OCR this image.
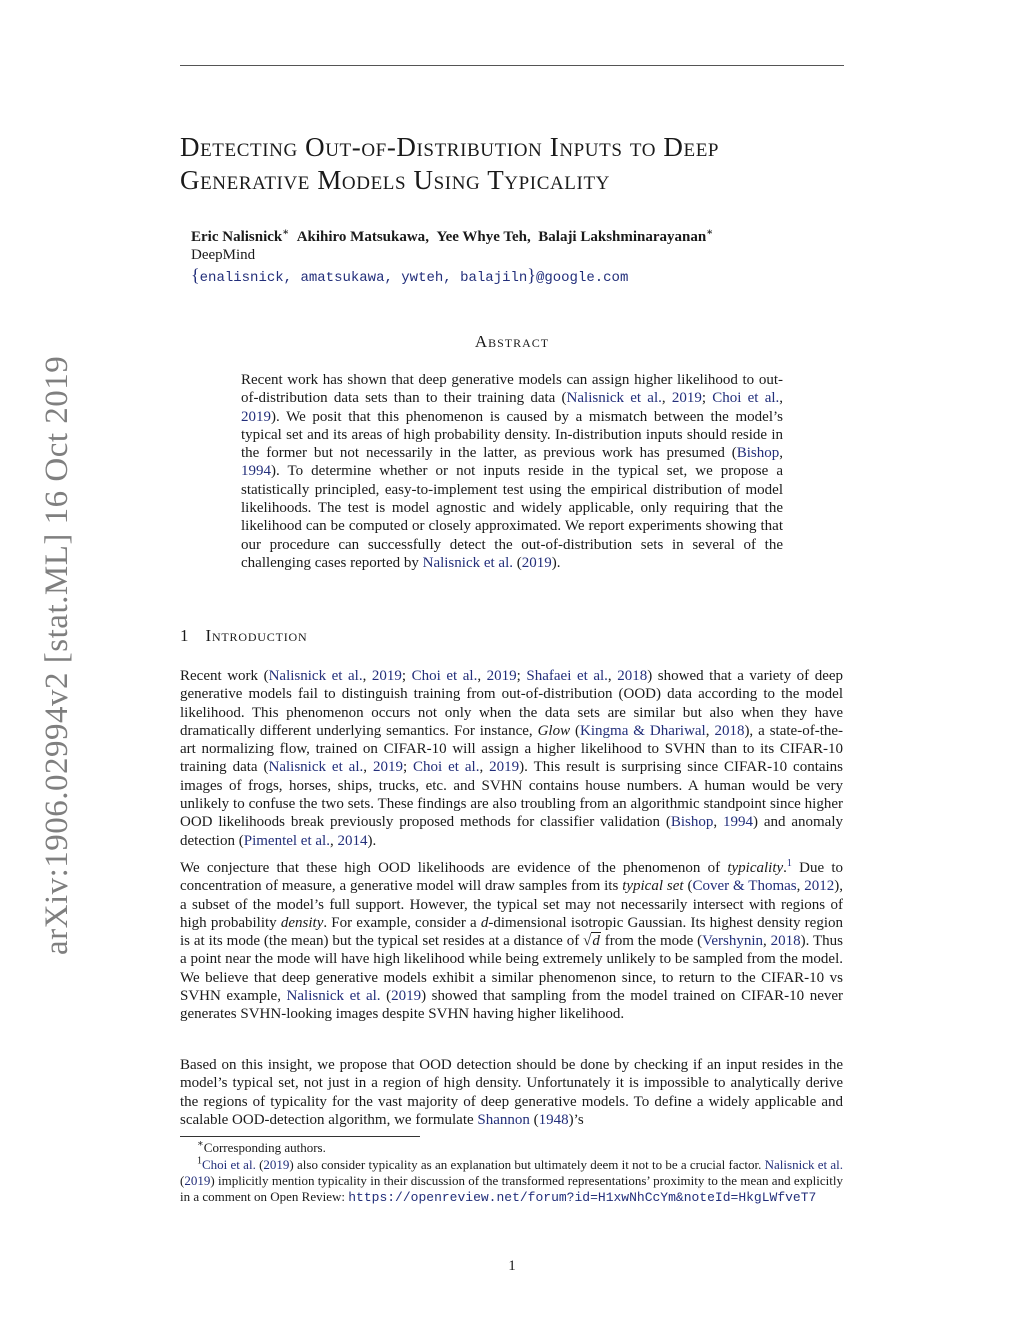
arXiv:1906.02994v2 [stat.ML] 16 Oct 2019
Detecting Out-of-Distribution Inputs to Deep
Generative Models Using Typicality
Eric Nalisnick∗ Akihiro Matsukawa,  Yee Whye Teh,  Balaji Lakshminarayanan∗
DeepMind
{enalisnick, amatsukawa, ywteh, balajiln}@google.com
Abstract

Recent work has shown that deep generative models can assign higher likelihood to out-of-distribution data sets than to their training data (Nalisnick et al., 2019; Choi et al., 2019). We posit that this phenomenon is caused by a mismatch between the model’s typical set and its areas of high probability density. In-distribution inputs should reside in the former but not necessarily in the latter, as previous work has presumed (Bishop, 1994). To determine whether or not inputs reside in the typical set, we propose a statistically principled, easy-to-implement test using the empirical distribution of model likelihoods. The test is model agnostic and widely applicable, only requiring that the likelihood can be computed or closely approximated. We report experiments showing that our procedure can successfully detect the out-of-distribution sets in several of the challenging cases reported by Nalisnick et al. (2019).

1 Introduction

Recent work (Nalisnick et al., 2019; Choi et al., 2019; Shafaei et al., 2018) showed that a variety of deep generative models fail to distinguish training from out-of-distribution (OOD) data according to the model likelihood. This phenomenon occurs not only when the data sets are similar but also when they have dramatically different underlying semantics. For instance, Glow (Kingma & Dhariwal, 2018), a state-of-the-art normalizing flow, trained on CIFAR-10 will assign a higher likelihood to SVHN than to its CIFAR-10 training data (Nalisnick et al., 2019; Choi et al., 2019). This result is surprising since CIFAR-10 contains images of frogs, horses, ships, trucks, etc. and SVHN contains house numbers. A human would be very unlikely to confuse the two sets. These findings are also troubling from an algorithmic standpoint since higher OOD likelihoods break previously proposed methods for classifier validation (Bishop, 1994) and anomaly detection (Pimentel et al., 2014).

We conjecture that these high OOD likelihoods are evidence of the phenomenon of typicality.$^1$ Due to concentration of measure, a generative model will draw samples from its typical set (Cover & Thomas, 2012), a subset of the model’s full support. However, the typical set may not necessarily intersect with regions of high probability density. For example, consider a d-dimensional isotropic Gaussian. Its highest density region is at its mode (the mean) but the typical set resides at a distance of √d from the mode (Vershynin, 2018). Thus a point near the mode will have high likelihood while being extremely unlikely to be sampled from the model. We believe that deep generative models exhibit a similar phenomenon since, to return to the CIFAR-10 vs SVHN example, Nalisnick et al. (2019) showed that sampling from the model trained on CIFAR-10 never generates SVHN-looking images despite SVHN having higher likelihood.

Based on this insight, we propose that OOD detection should be done by checking if an input resides in the model’s typical set, not just in a region of high density. Unfortunately it is impossible to analytically derive the regions of typicality for the vast majority of deep generative models. To define a widely applicable and scalable OOD-detection algorithm, we formulate Shannon (1948)’s

∗Corresponding authors.

$^1$Choi et al. (2019) also consider typicality as an explanation but ultimately deem it not to be a crucial factor. Nalisnick et al. (2019) implicitly mention typicality in their discussion of the transformed representations’ proximity to the mean and explicitly in a comment on Open Review: https://openreview.net/forum?id=H1xwNhCcYm&noteId=HkgLWfveT7

1
